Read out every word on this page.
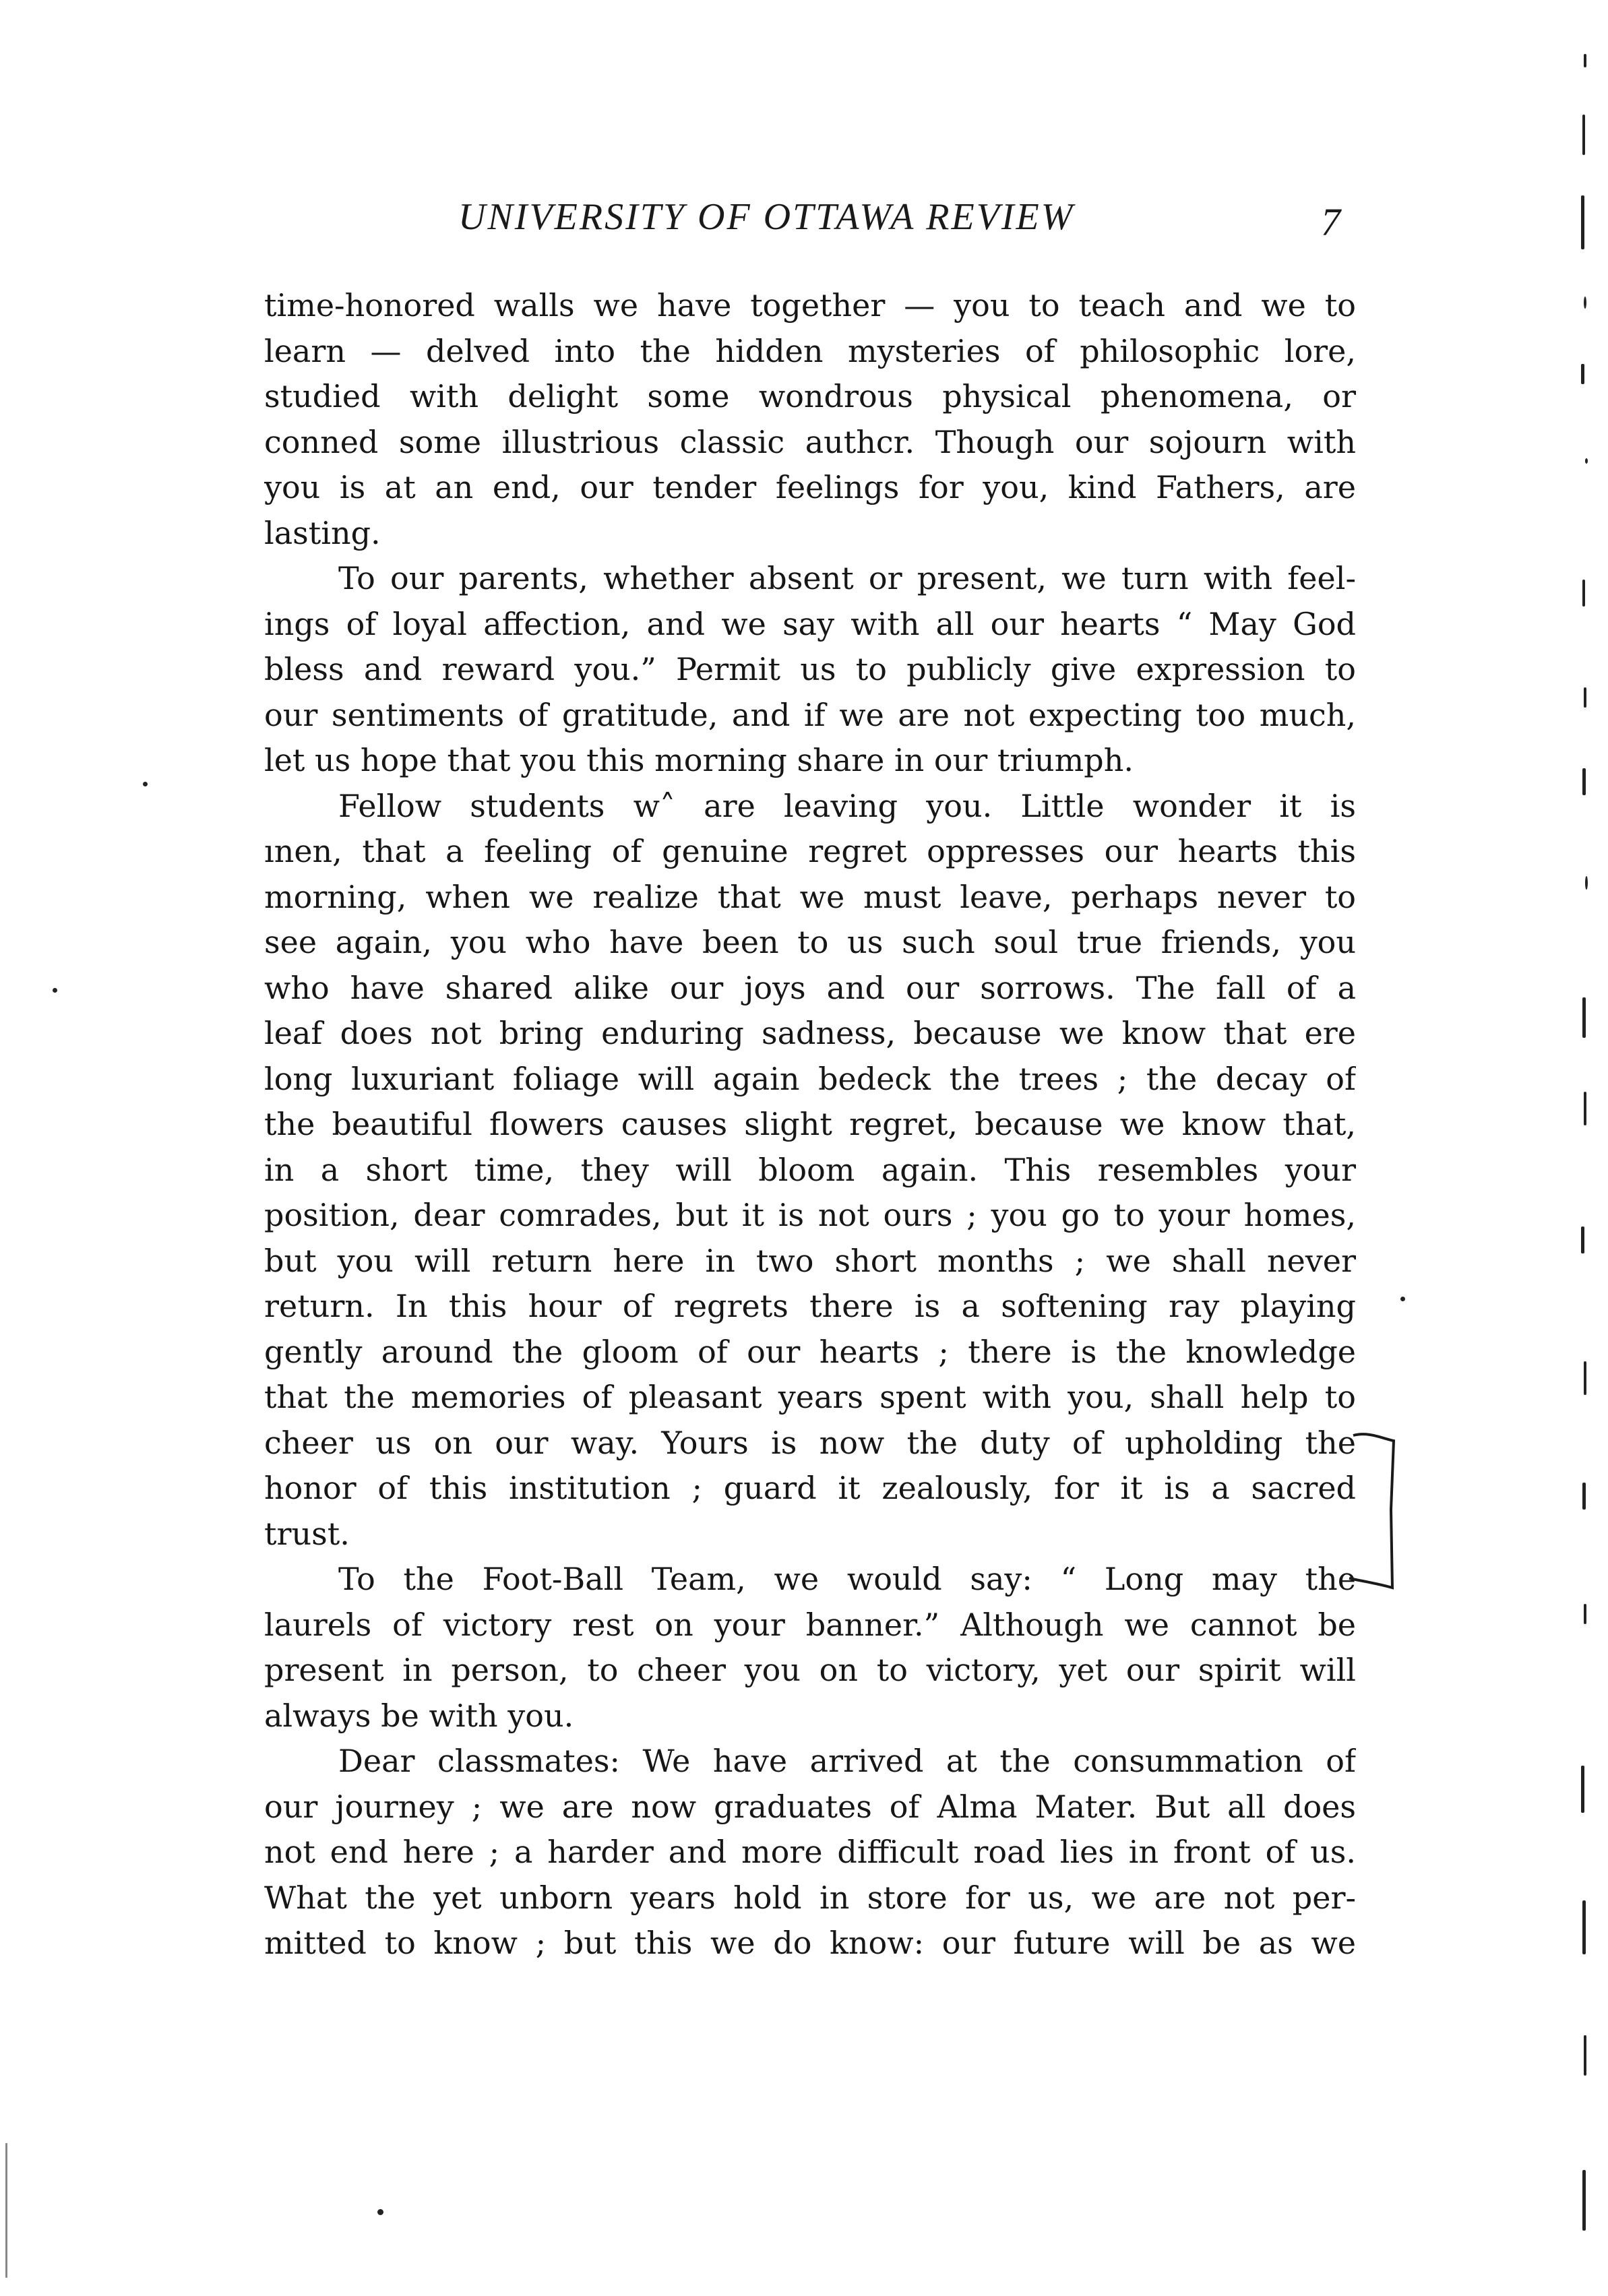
UNIVERSITY OF OTTAWA REVIEW	7
time-honored walls we have together — you to teach and we to
learn — delved into the hidden mysteries of philosophic lore,
studied with delight some wondrous physical phenomena, or
conned some illustrious classic authcr. Though our sojourn with
you is at an end, our tender feelings for you, kind Fathers, are
lasting.
To our parents, whether absent or present, we turn with feel-
ings of loyal affection, and we say with all our hearts “ May God
bless and reward you.” Permit us to publicly give expression to
our sentiments of gratitude, and if we are not expecting too much,
let us hope that you this morning share in our triumph.
Fellow students w˄ are leaving you. Little wonder it is
ınen, that a feeling of genuine regret oppresses our hearts this
morning, when we realize that we must leave, perhaps never to
see again, you who have been to us such soul true friends, you
who have shared alike our joys and our sorrows. The fall of a
leaf does not bring enduring sadness, because we know that ere
long luxuriant foliage will again bedeck the trees ; the decay of
the beautiful flowers causes slight regret, because we know that,
in a short time, they will bloom again. This resembles your
position, dear comrades, but it is not ours ; you go to your homes,
but you will return here in two short months ; we shall never
return. In this hour of regrets there is a softening ray playing
gently around the gloom of our hearts ; there is the knowledge
that the memories of pleasant years spent with you, shall help to
cheer us on our way. Yours is now the duty of upholding the
honor of this institution ; guard it zealously, for it is a sacred
trust.
To the Foot-Ball Team, we would say: “ Long may the
laurels of victory rest on your banner.” Although we cannot be
present in person, to cheer you on to victory, yet our spirit will
always be with you.
Dear classmates: We have arrived at the consummation of
our journey ; we are now graduates of Alma Mater. But all does
not end here ; a harder and more difficult road lies in front of us.
What the yet unborn years hold in store for us, we are not per-
mitted to know ; but this we do know: our future will be as we
